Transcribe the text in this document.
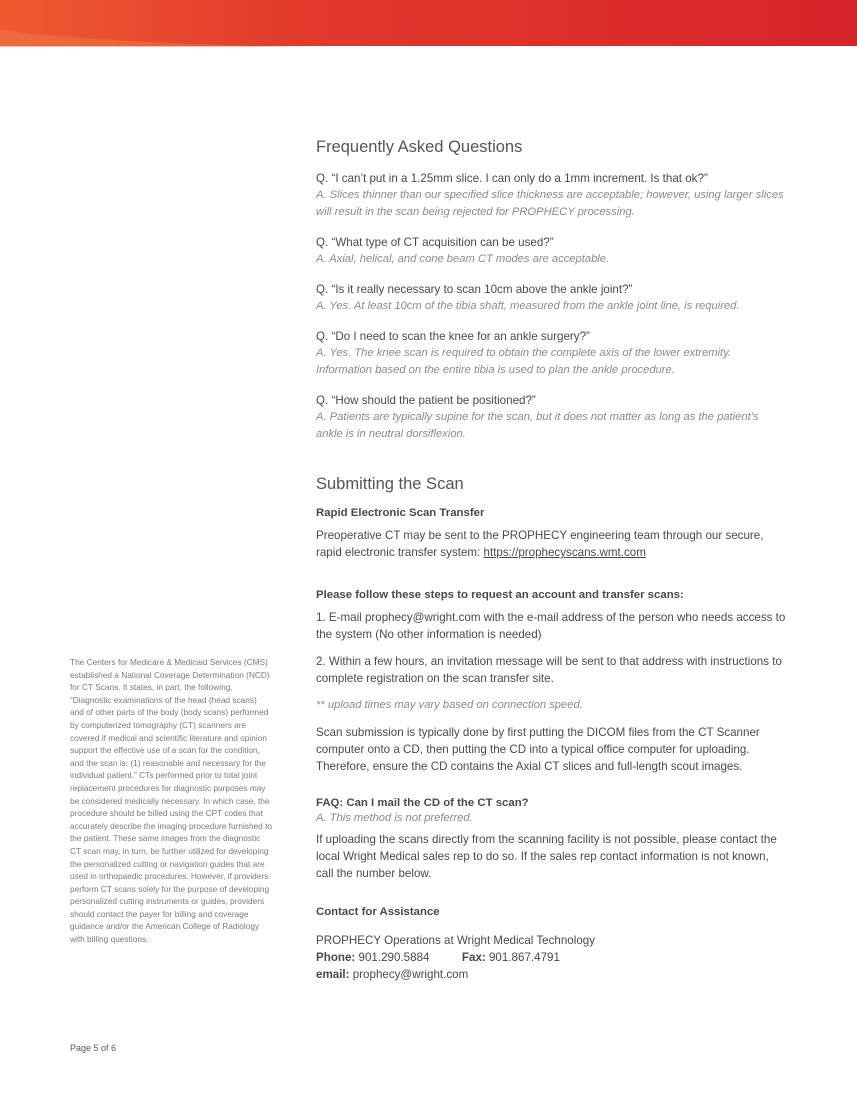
Frequently Asked Questions
Q. “I can’t put in a 1.25mm slice. I can only do a 1mm increment. Is that ok?”
A. Slices thinner than our specified slice thickness are acceptable; however, using larger slices will result in the scan being rejected for PROPHECY processing.
Q. “What type of CT acquisition can be used?”
A. Axial, helical, and cone beam CT modes are acceptable.
Q. “Is it really necessary to scan 10cm above the ankle joint?”
A. Yes. At least 10cm of the tibia shaft, measured from the ankle joint line, is required.
Q. “Do I need to scan the knee for an ankle surgery?”
A. Yes. The knee scan is required to obtain the complete axis of the lower extremity. Information based on the entire tibia is used to plan the ankle procedure.
Q. “How should the patient be positioned?”
A. Patients are typically supine for the scan, but it does not matter as long as the patient’s ankle is in neutral dorsiflexion.
Submitting the Scan
Rapid Electronic Scan Transfer

Preoperative CT may be sent to the PROPHECY engineering team through our secure, rapid electronic transfer system: https://prophecyscans.wmt.com

Please follow these steps to request an account and transfer scans:

1. E-mail prophecy@wright.com with the e-mail address of the person who needs access to the system (No other information is needed)

2. Within a few hours, an invitation message will be sent to that address with instructions to complete registration on the scan transfer site.

** upload times may vary based on connection speed.

Scan submission is typically done by first putting the DICOM files from the CT Scanner computer onto a CD, then putting the CD into a typical office computer for uploading. Therefore, ensure the CD contains the Axial CT slices and full-length scout images.

FAQ: Can I mail the CD of the CT scan?
A. This method is not preferred.

If uploading the scans directly from the scanning facility is not possible, please contact the local Wright Medical sales rep to do so. If the sales rep contact information is not known, call the number below.

Contact for Assistance
PROPHECY Operations at Wright Medical Technology
Phone: 901.290.5884	Fax: 901.867.4791
email: prophecy@wright.com
The Centers for Medicare & Medicaid Services (CMS) established a National Coverage Determination (NCD) for CT Scans. It states, in part, the following, “Diagnostic examinations of the head (head scans) and of other parts of the body (body scans) performed by computerized tomography (CT) scanners are covered if medical and scientific literature and opinion support the effective use of a scan for the condition, and the scan is: (1) reasonable and necessary for the individual patient.” CTs performed prior to total joint replacement procedures for diagnostic purposes may be considered medically necessary. In which case, the procedure should be billed using the CPT codes that accurately describe the imaging procedure furnished to the patient. These same images from the diagnostic CT scan may, in turn, be further utilized for developing the personalized cutting or navigation guides that are used in orthopaedic procedures. However, if providers perform CT scans solely for the purpose of developing personalized cutting instruments or guides, providers should contact the payer for billing and coverage guidance and/or the American College of Radiology with billing questions.
Page 5 of 6
